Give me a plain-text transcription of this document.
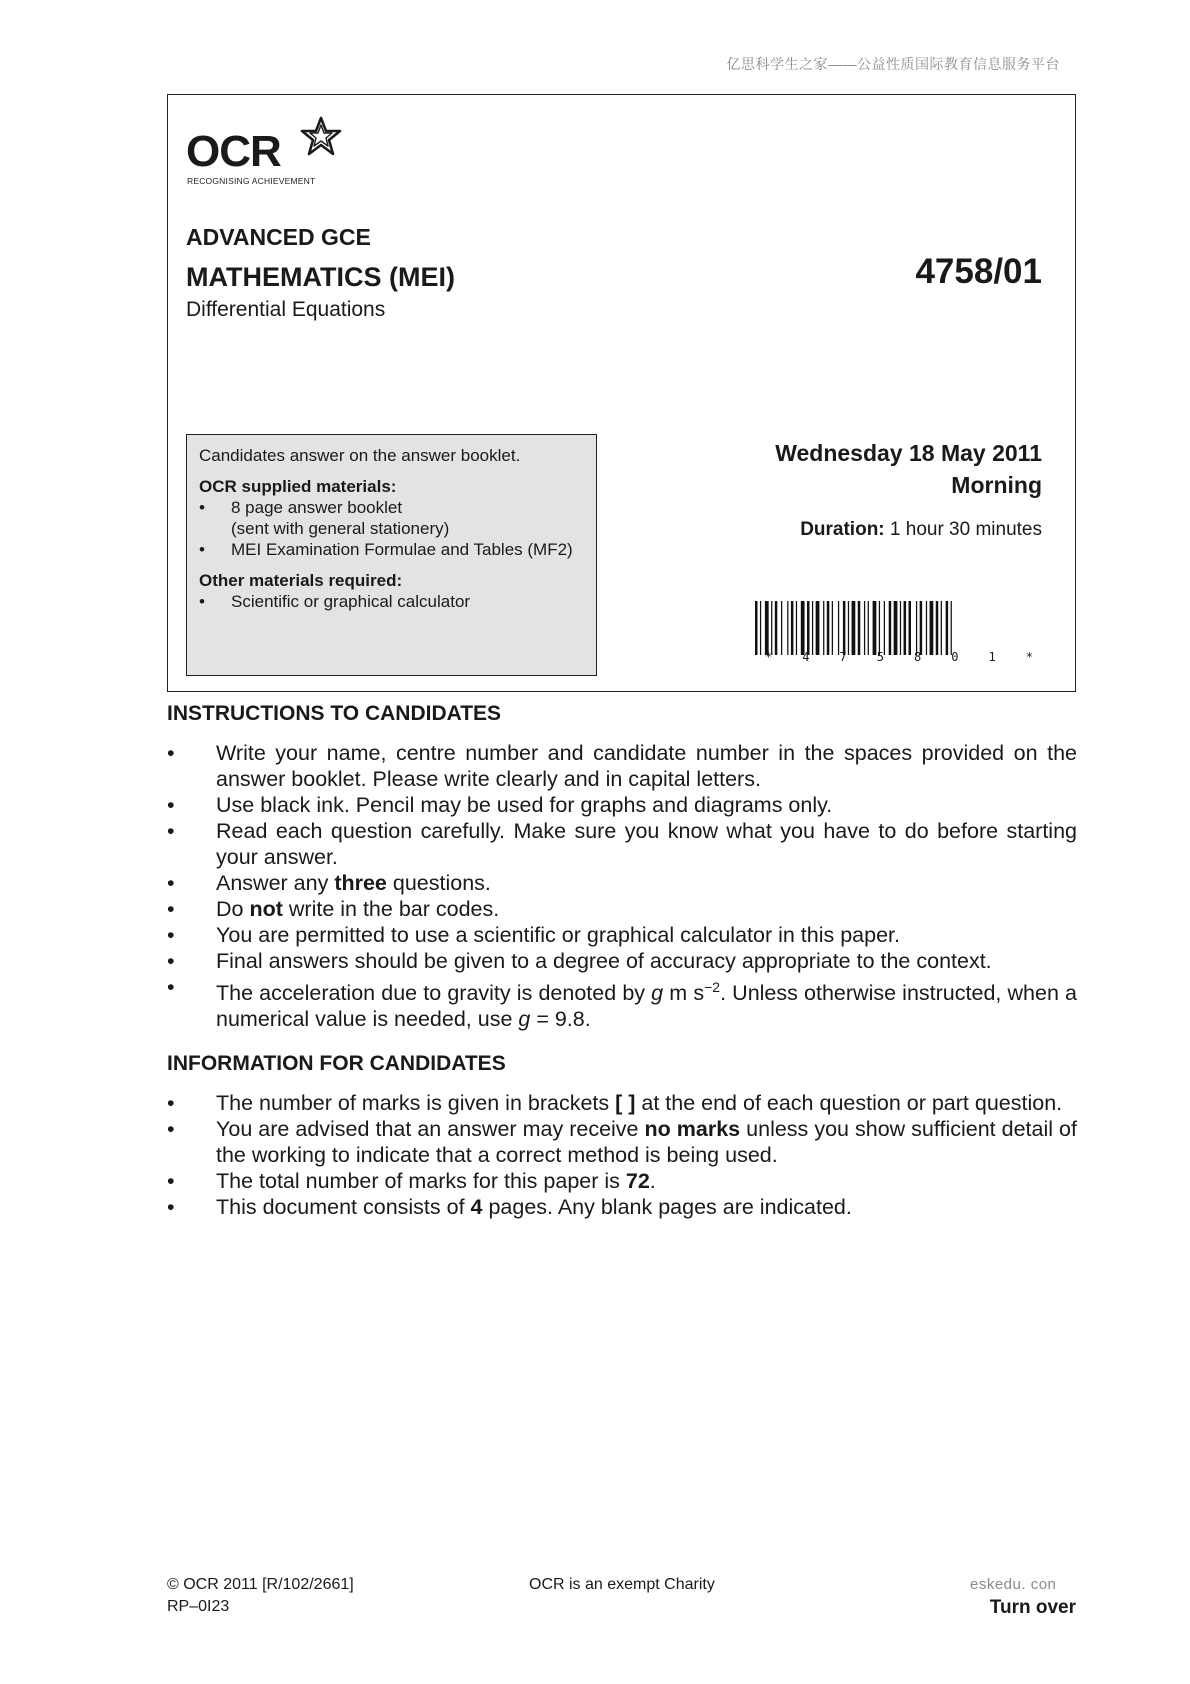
亿思科学生之家——公益性质国际教育信息服务平台
OCR
RECOGNISING ACHIEVEMENT
ADVANCED GCE
MATHEMATICS (MEI)
Differential Equations
4758/01

Candidates answer on the answer booklet.

OCR supplied materials:

• 8 page answer booklet
(sent with general stationery)
• MEI Examination Formulae and Tables (MF2)

Other materials required:

• Scientific or graphical calculator
Wednesday 18 May 2011
Morning
Duration: 1 hour 30 minutes
*	4	7	5	8	0	1	*
INSTRUCTIONS TO CANDIDATES
• Write your name, centre number and candidate number in the spaces provided on the answer booklet. Please write clearly and in capital letters.
• Use black ink. Pencil may be used for graphs and diagrams only.
• Read each question carefully. Make sure you know what you have to do before starting your answer.
• Answer any three questions.
• Do not write in the bar codes.
• You are permitted to use a scientific or graphical calculator in this paper.
• Final answers should be given to a degree of accuracy appropriate to the context.
• The acceleration due to gravity is denoted by g m $s^{-2}$. Unless otherwise instructed, when a numerical value is needed, use g = 9.8.
INFORMATION FOR CANDIDATES
• The number of marks is given in brackets [ ] at the end of each question or part question.
• You are advised that an answer may receive no marks unless you show sufficient detail of the working to indicate that a correct method is being used.
• The total number of marks for this paper is 72.
• This document consists of 4 pages. Any blank pages are indicated.
© OCR 2011 [R/102/2661]
RP–0I23
OCR is an exempt Charity	eskedu. con
Turn over
